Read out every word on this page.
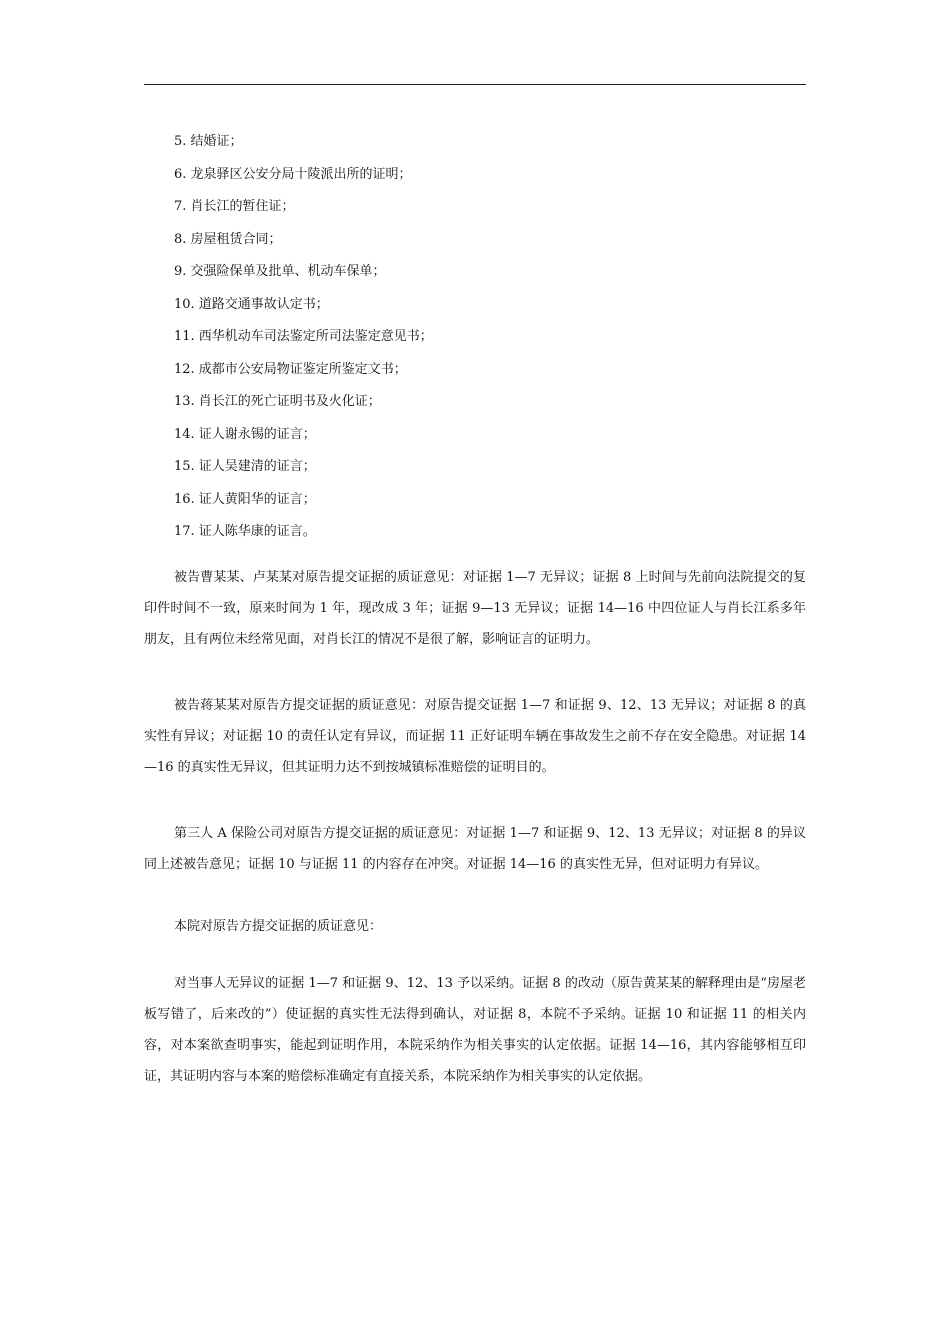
5. 结婚证；
6. 龙泉驿区公安分局十陵派出所的证明；
7. 肖长江的暂住证；
8. 房屋租赁合同；
9. 交强险保单及批单、机动车保单；
10. 道路交通事故认定书；
11. 西华机动车司法鉴定所司法鉴定意见书；
12. 成都市公安局物证鉴定所鉴定文书；
13. 肖长江的死亡证明书及火化证；
14. 证人谢永锡的证言；
15. 证人吴建清的证言；
16. 证人黄阳华的证言；
17. 证人陈华康的证言。

被告曹某某、卢某某对原告提交证据的质证意见：对证据 1—7 无异议；证据 8 上时间与先前向法院提交的复印件时间不一致，原来时间为 1 年，现改成 3 年；证据 9—13 无异议；证据 14—16 中四位证人与肖长江系多年朋友，且有两位未经常见面，对肖长江的情况不是很了解，影响证言的证明力。

被告蒋某某对原告方提交证据的质证意见：对原告提交证据 1—7 和证据 9、12、13 无异议；对证据 8 的真实性有异议；对证据 10 的责任认定有异议，而证据 11 正好证明车辆在事故发生之前不存在安全隐患。对证据 14—16 的真实性无异议，但其证明力达不到按城镇标准赔偿的证明目的。

第三人 A 保险公司对原告方提交证据的质证意见：对证据 1—7 和证据 9、12、13 无异议；对证据 8 的异议同上述被告意见；证据 10 与证据 11 的内容存在冲突。对证据 14—16 的真实性无异，但对证明力有异议。

本院对原告方提交证据的质证意见：

对当事人无异议的证据 1—7 和证据 9、12、13 予以采纳。证据 8 的改动（原告黄某某的解释理由是“房屋老板写错了，后来改的”）使证据的真实性无法得到确认，对证据 8，本院不予采纳。证据 10 和证据 11 的相关内容，对本案欲查明事实，能起到证明作用，本院采纳作为相关事实的认定依据。证据 14—16，其内容能够相互印证，其证明内容与本案的赔偿标准确定有直接关系，本院采纳作为相关事实的认定依据。
